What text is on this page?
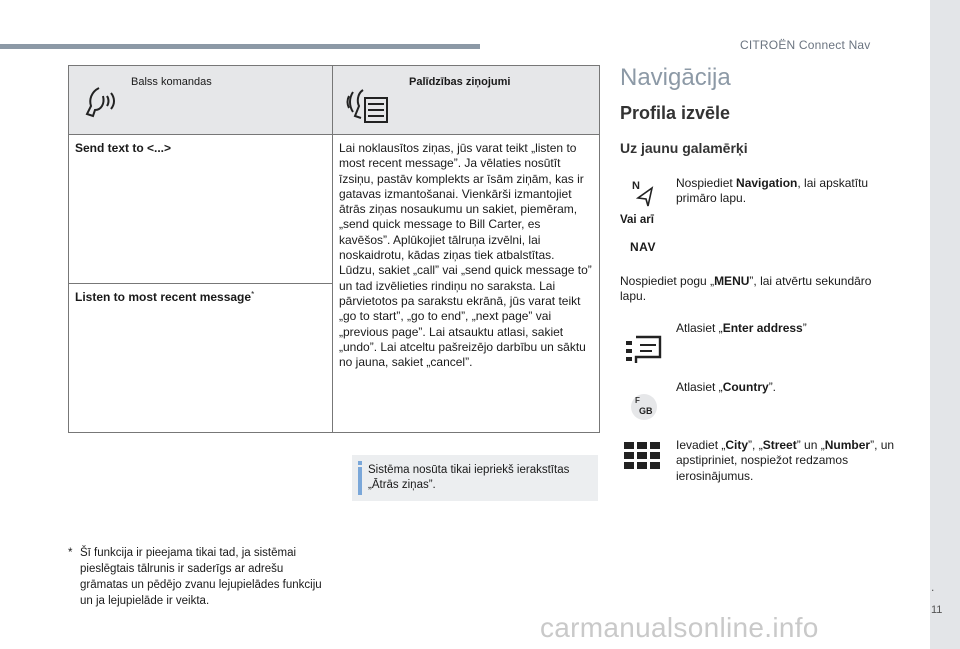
CITROËN Connect Nav
.
11
Balss komandas	Palīdzības ziņojumi

Send text to <...>	Lai noklausītos ziņas, jūs varat teikt „listen to most recent message”. Ja vēlaties nosūtīt īzsiņu, pastāv komplekts ar īsām ziņām, kas ir gatavas izmantošanai. Vienkārši izmantojiet ātrās ziņas nosaukumu un sakiet, piemēram, „send quick message to Bill Carter, es kavēšos”. Aplūkojiet tālruņa izvēlni, lai noskaidrotu, kādas ziņas tiek atbalstītas. Lūdzu, sakiet „call” vai „send quick message to” un tad izvēlieties rindiņu no saraksta. Lai pārvietotos pa sarakstu ekrānā, jūs varat teikt „go to start”, „go to end”, „next page” vai „previous page”. Lai atsauktu atlasi, sakiet „undo”. Lai atceltu pašreizējo darbību un sāktu no jauna, sakiet „cancel”.
Listen to most recent message*
Sistēma nosūta tikai iepriekš ierakstītas „Ātrās ziņas”.
* Šī funkcija ir pieejama tikai tad, ja sistēmai pieslēgtais tālrunis ir saderīgs ar adrešu grāmatas un pēdējo zvanu lejupielādes funkciju un ja lejupielāde ir veikta.
Navigācija
Profila izvēle
Uz jaunu galamērķi
N	Nospiediet Navigation, lai apskatītu primāro lapu.
Vai arī
NAV
Nospiediet pogu „MENU”, lai atvērtu sekundāro lapu.
Atlasiet „Enter address”
F
GB
Atlasiet „Country”.
Ievadiet „City”, „Street” un „Number”, un apstipriniet, nospiežot redzamos ierosinājumus.
carmanualsonline.info
